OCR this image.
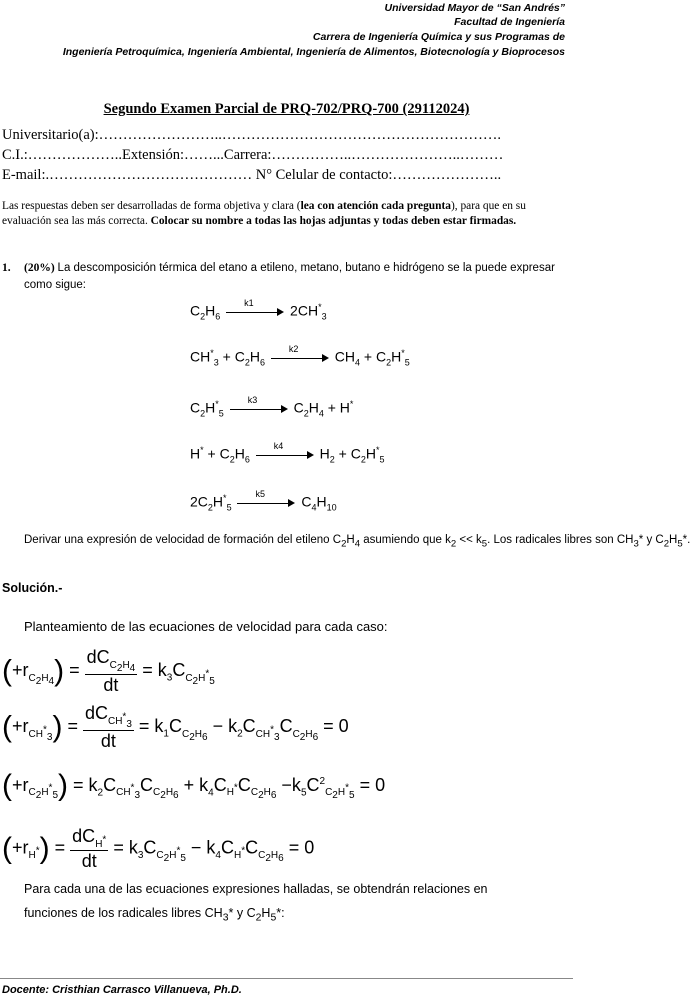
Universidad Mayor de “San Andrés”
Facultad de Ingeniería
Carrera de Ingeniería Química y sus Programas de
Ingeniería Petroquímica, Ingeniería Ambiental, Ingeniería de Alimentos, Biotecnología y Bioprocesos
Segundo Examen Parcial de PRQ-702/PRQ-700 (29112024)
Universitario(a):……………………..………………………………………………….
C.I.:………………..Extensión:……...Carrera:……………..…………………..………
E-mail:.…………………………………… N° Celular de contacto:…………………..
Las respuestas deben ser desarrolladas de forma objetiva y clara (lea con atención cada pregunta), para que en su evaluación sea las más correcta. Colocar su nombre a todas las hojas adjuntas y todas deben estar firmadas.
1. (20%) La descomposición térmica del etano a etileno, metano, butano e hidrógeno se la puede expresar como sigue:
$C_2H_6$
k1 $2CH^*_3$
$CH^*_3 + C_2H_6$
k2 $CH_4 + C_2H^*_5$
$C_2H^*_5$
k3 $C_2H_4 + H^*$
$H^* + C_2H_6$
k4 $H_2 + C_2H^*_5$
$2C_2H^*_5$
k5 $C_4H_{10}$
Derivar una expresión de velocidad de formación del etileno $C_2H_4$ asumiendo que $k_2 << k_5$. Los radicales libres son $CH_3*$ y $C_2H_5*$.
Solución.-
Planteamiento de las ecuaciones de velocidad para cada caso:
$(+r_{C_2H_4}) = \frac{dC_{C_2H_4}}{dt} = k_3C_{C_2H^*_5}$
$(+r_{CH^*_3}) = \frac{dC_{CH^*_3}}{dt} = k_1C_{C_2H_6} - k_2C_{CH^*_3}C_{C_2H_6} = 0$
$(+r_{C_2H^*_5}) = k_2C_{CH^*_3}C_{C_2H_6} + k_4C_{H^*}C_{C_2H_6} -k_5C^2_{C_2H^*_5} = 0$
$(+r_{H^*}) = \frac{dC_{H^*}}{dt} = k_3C_{C_2H^*_5} - k_4C_{H^*}C_{C_2H_6} = 0$
Para cada una de las ecuaciones expresiones halladas, se obtendrán relaciones en
funciones de los radicales libres $CH_3*$ y $C_2H_5*$:
Docente: Cristhian Carrasco Villanueva, Ph.D.
